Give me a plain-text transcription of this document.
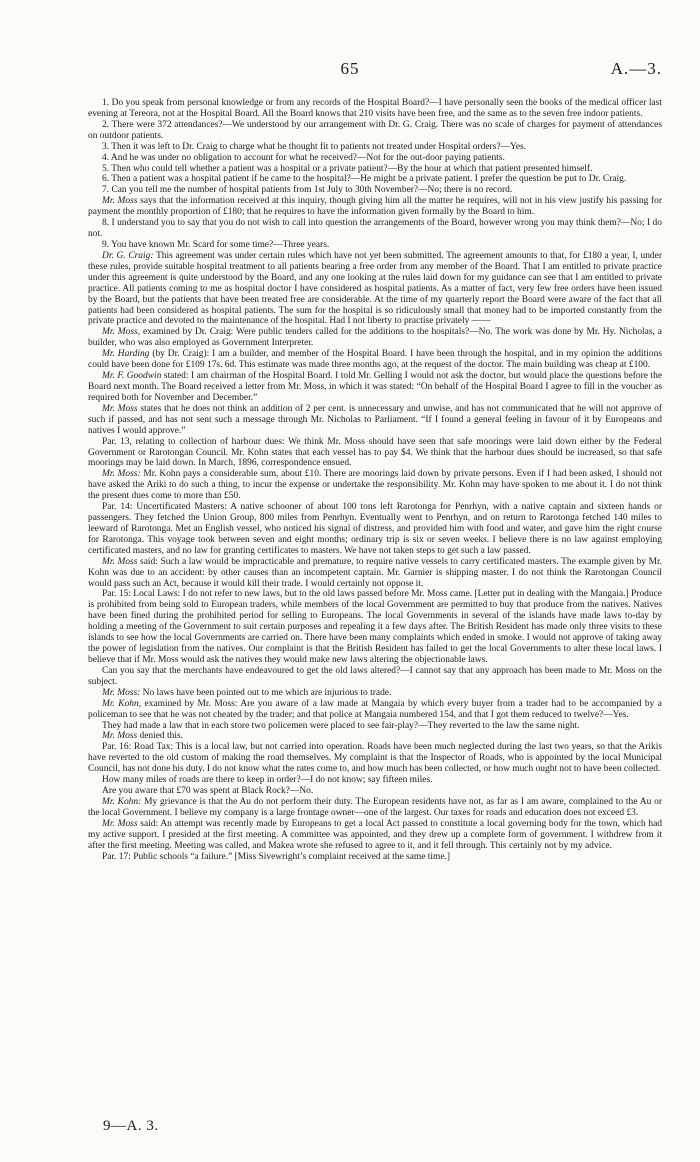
65	A.—3.

1. Do you speak from personal knowledge or from any records of the Hospital Board?—I have personally seen the books of the medical officer last evening at Tereora, not at the Hospital Board. All the Board knows that 210 visits have been free, and the same as to the seven free indoor patients.

2. There were 372 attendances?—We understood by our arrangement with Dr. G. Craig. There was no scale of charges for payment of attendances on outdoor patients.

3. Then it was left to Dr. Craig to charge what he thought fit to patients not treated under Hospital orders?—Yes.

4. And he was under no obligation to account for what he received?—Not for the out-door paying patients.

5. Then who could tell whether a patient was a hospital or a private patient?—By the hour at which that patient presented himself.

6. Then a patient was a hospital patient if he came to the hospital?—He might be a private patient. I prefer the question be put to Dr. Craig.

7. Can you tell me the number of hospital patients from 1st July to 30th November?—No; there is no record.

Mr. Moss says that the information received at this inquiry, though giving him all the matter he requires, will not in his view justify his passing for payment the monthly proportion of £180; that he requires to have the information given formally by the Board to him.

8. I understand you to say that you do not wish to call into question the arrangements of the Board, however wrong you may think them?—No; I do not.

9. You have known Mr. Scard for some time?—Three years.

Dr. G. Craig: This agreement was under certain rules which have not yet been submitted. The agreement amounts to that, for £180 a year, I, under these rules, provide suitable hospital treatment to all patients bearing a free order from any member of the Board. That I am entitled to private practice under this agreement is quite understood by the Board, and any one looking at the rules laid down for my guidance can see that I am entitled to private practice. All patients coming to me as hospital doctor I have considered as hospital patients. As a matter of fact, very few free orders have been issued by the Board, but the patients that have been treated free are considerable. At the time of my quarterly report the Board were aware of the fact that all patients had been considered as hospital patients. The sum for the hospital is so ridiculously small that money had to be imported constantly from the private practice and devoted to the maintenance of the hospital. Had I not liberty to practise privately ——

Mr. Moss, examined by Dr. Craig: Were public tenders called for the additions to the hospitals?—No. The work was done by Mr. Hy. Nicholas, a builder, who was also employed as Government Interpreter.

Mr. Harding (by Dr. Craig): I am a builder, and member of the Hospital Board. I have been through the hospital, and in my opinion the additions could have been done for £109 17s. 6d. This estimate was made three months ago, at the request of the doctor. The main building was cheap at £100.

Mr. F. Goodwin stated: I am chairman of the Hospital Board. I told Mr. Gelling I would not ask the doctor, but would place the questions before the Board next month. The Board received a letter from Mr. Moss, in which it was stated: “On behalf of the Hospital Board I agree to fill in the voucher as required both for November and December.”

Mr. Moss states that he does not think an addition of 2 per cent. is unnecessary and unwise, and has not communicated that he will not approve of such if passed, and has not sent such a message through Mr. Nicholas to Parliament. “If I found a general feeling in favour of it by Europeans and natives I would approve.”

Par. 13, relating to collection of harbour dues: We think Mr. Moss should have seen that safe moorings were laid down either by the Federal Government or Rarotongan Council. Mr. Kohn states that each vessel has to pay $4. We think that the harbour dues should be increased, so that safe moorings may be laid down. In March, 1896, correspondence ensued.

Mr. Moss: Mr. Kohn pays a considerable sum, about £10. There are moorings laid down by private persons. Even if I had been asked, I should not have asked the Ariki to do such a thing, to incur the expense or undertake the responsibility. Mr. Kohn may have spoken to me about it. I do not think the present dues come to more than £50.

Par. 14: Uncertificated Masters: A native schooner of about 100 tons left Rarotonga for Penrhyn, with a native captain and sixteen hands or passengers. They fetched the Union Group, 800 miles from Penrhyn. Eventually went to Penrhyn, and on return to Rarotonga fetched 140 miles to leeward of Rarotonga. Met an English vessel, who noticed his signal of distress, and provided him with food and water, and gave him the right course for Rarotonga. This voyage took between seven and eight months; ordinary trip is six or seven weeks. I believe there is no law against employing certificated masters, and no law for granting certificates to masters. We have not taken steps to get such a law passed.

Mr. Moss said: Such a law would be impracticable and premature, to require native vessels to carry certificated masters. The example given by Mr. Kohn was due to an accident: by other causes than an incompetent captain. Mr. Garnier is shipping master. I do not think the Rarotongan Council would pass such an Act, because it would kill their trade. I would certainly not oppose it.

Par. 15: Local Laws: I do not refer to new laws, but to the old laws passed before Mr. Moss came. [Letter put in dealing with the Mangaia.] Produce is prohibited from being sold to European traders, while members of the local Government are permitted to buy that produce from the natives. Natives have been fined during the prohibited period for selling to Europeans. The local Governments in several of the islands have made laws to-day by holding a meeting of the Government to suit certain purposes and repealing it a few days after. The British Resident has made only three visits to these islands to see how the local Governments are carried on. There have been many complaints which ended in smoke. I would not approve of taking away the power of legislation from the natives. Our complaint is that the British Resident has failed to get the local Governments to alter these local laws. I believe that if Mr. Moss would ask the natives they would make new laws altering the objectionable laws.

Can you say that the merchants have endeavoured to get the old laws altered?—I cannot say that any approach has been made to Mr. Moss on the subject.

Mr. Moss: No laws have been pointed out to me which are injurious to trade.

Mr. Kohn, examined by Mr. Moss: Are you aware of a law made at Mangaia by which every buyer from a trader had to be accompanied by a policeman to see that he was not cheated by the trader; and that police at Mangaia numbered 154, and that I got them reduced to twelve?—Yes.

They had made a law that in each store two policemen were placed to see fair-play?—They reverted to the law the same night.

Mr. Moss denied this.

Par. 16: Road Tax: This is a local law, but not carried into operation. Roads have been much neglected during the last two years, so that the Arikis have reverted to the old custom of making the road themselves. My complaint is that the Inspector of Roads, who is appointed by the local Municipal Council, has not done his duty. I do not know what the rates come to, and how much has been collected, or how much ought not to have been collected.

How many miles of roads are there to keep in order?—I do not know; say fifteen miles.

Are you aware that £70 was spent at Black Rock?—No.

Mr. Kohn: My grievance is that the Au do not perform their duty. The European residents have not, as far as I am aware, complained to the Au or the local Government. I believe my company is a large frontage owner—one of the largest. Our taxes for roads and education does not exceed £3.

Mr. Moss said: An attempt was recently made by Europeans to get a local Act passed to constitute a local governing body for the town, which had my active support. I presided at the first meeting. A committee was appointed, and they drew up a complete form of government. I withdrew from it after the first meeting. Meeting was called, and Makea wrote she refused to agree to it, and it fell through. This certainly not by my advice.

Par. 17: Public schools “a failure.” [Miss Sivewright’s complaint received at the same time.]

9—A. 3.
